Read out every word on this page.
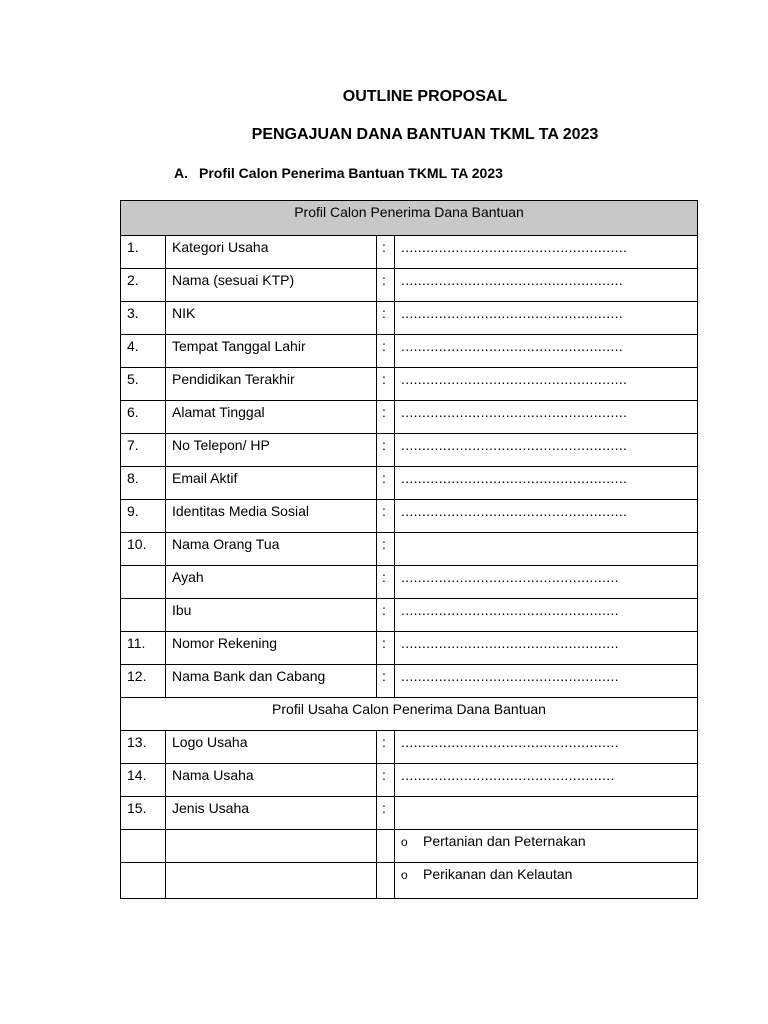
OUTLINE PROPOSAL
PENGAJUAN DANA BANTUAN TKML TA 2023
A. Profil Calon Penerima Bantuan TKML TA 2023
Profil Calon Penerima Dana Bantuan			
1.	Kategori Usaha	:	......................................................
2.	Nama (sesuai KTP)	:	.....................................................
3.	NIK	:	.....................................................
4.	Tempat Tanggal Lahir	:	.....................................................
5.	Pendidikan Terakhir	:	......................................................
6.	Alamat Tinggal	:	......................................................
7.	No Telepon/ HP	:	......................................................
8.	Email Aktif	:	......................................................
9.	Identitas Media Sosial	:	......................................................
10.	Nama Orang Tua	:	
	Ayah	:	....................................................
	Ibu	:	....................................................
11.	Nomor Rekening	:	....................................................
12.	Nama Bank dan Cabang	:	....................................................
Profil Usaha Calon Penerima Dana Bantuan			
13.	Logo Usaha	:	....................................................
14.	Nama Usaha	:	...................................................
15.	Jenis Usaha	:	
			o Pertanian dan Peternakan
			o Perikanan dan Kelautan
